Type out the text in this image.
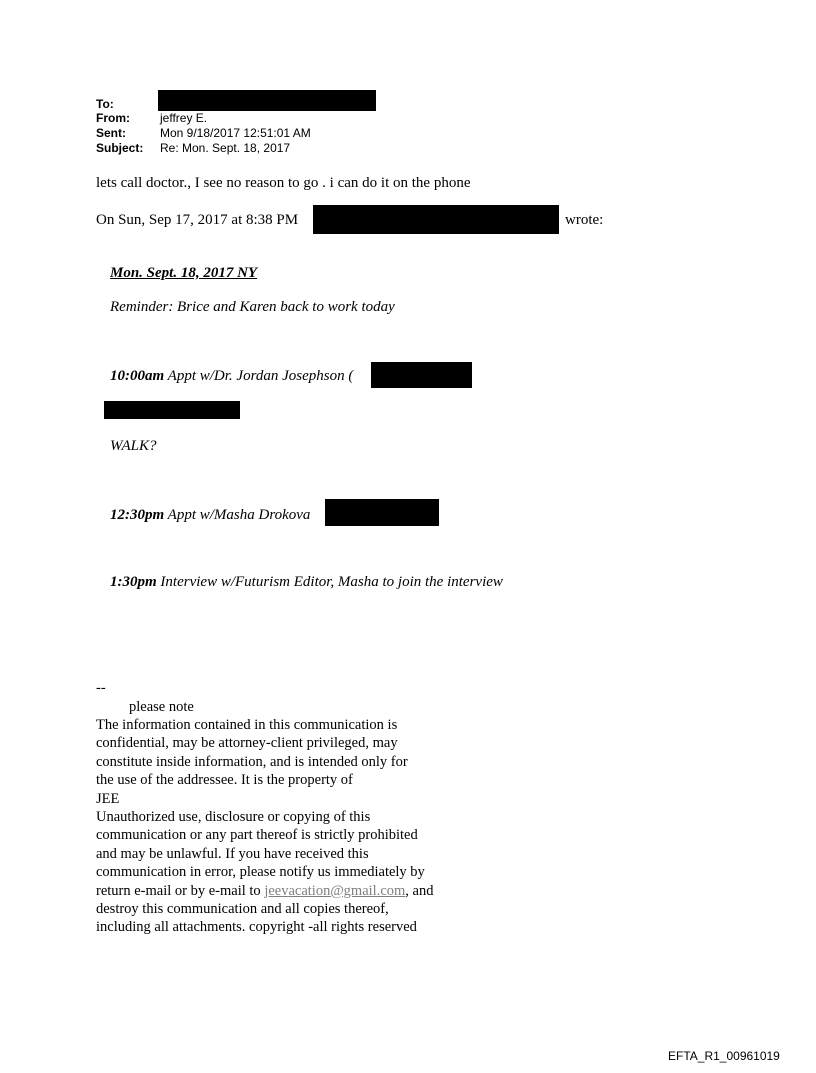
To:
From:	jeffrey E.
Sent:	Mon 9/18/2017 12:51:01 AM
Subject: Re: Mon. Sept. 18, 2017
lets call doctor., I see no reason to go . i can do it on the phone
On Sun, Sep 17, 2017 at 8:38 PM	wrote:
Mon. Sept. 18, 2017 NY
Reminder: Brice and Karen back to work today
10:00am Appt w/Dr. Jordan Josephson (
WALK?
12:30pm Appt w/Masha Drokova
1:30pm Interview w/Futurism Editor, Masha to join the interview
--
please note
The information contained in this communication is
confidential, may be attorney-client privileged, may
constitute inside information, and is intended only for
the use of the addressee. It is the property of
JEE
Unauthorized use, disclosure or copying of this
communication or any part thereof is strictly prohibited
and may be unlawful. If you have received this
communication in error, please notify us immediately by
return e-mail or by e-mail to jeevacation@gmail.com, and
destroy this communication and all copies thereof,
including all attachments. copyright -all rights reserved
EFTA_R1_00961019
